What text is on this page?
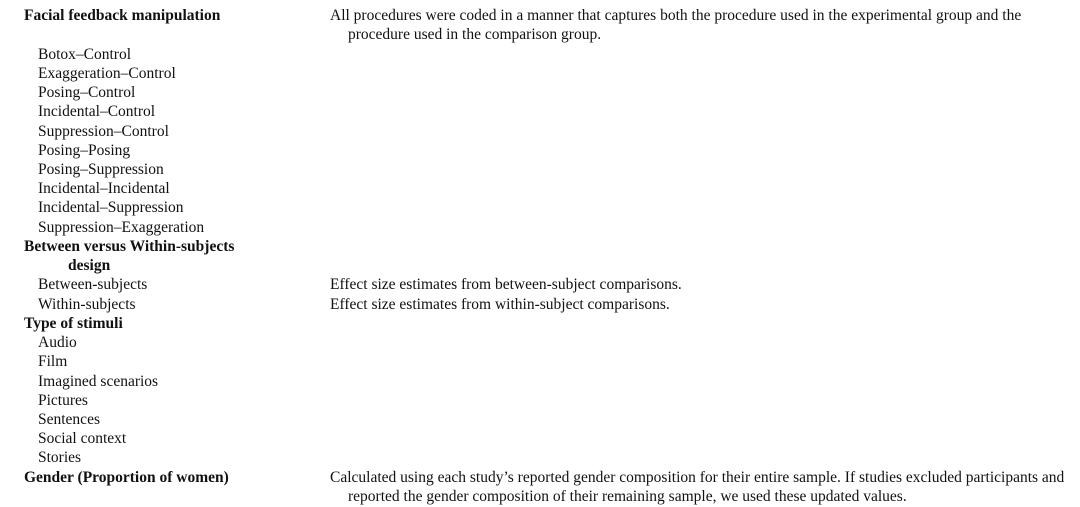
Facial feedback manipulation	All procedures were coded in a manner that captures both the procedure used in the experimental group and the procedure used in the comparison group.

Botox–Control	
Exaggeration–Control	
Posing–Control	
Incidental–Control	
Suppression–Control	
Posing–Posing	
Posing–Suppression	
Incidental–Incidental	
Incidental–Suppression	
Suppression–Exaggeration	

Between versus Within-subjects
design	

Between-subjects	Effect size estimates from between-subject comparisons.

Within-subjects	Effect size estimates from within-subject comparisons.

Type of stimuli	
Audio	
Film	
Imagined scenarios	
Pictures	
Sentences	
Social context	
Stories	
Gender (Proportion of women)	Calculated using each study’s reported gender composition for their entire sample. If studies excluded participants and reported the gender composition of their remaining sample, we used these updated values.
